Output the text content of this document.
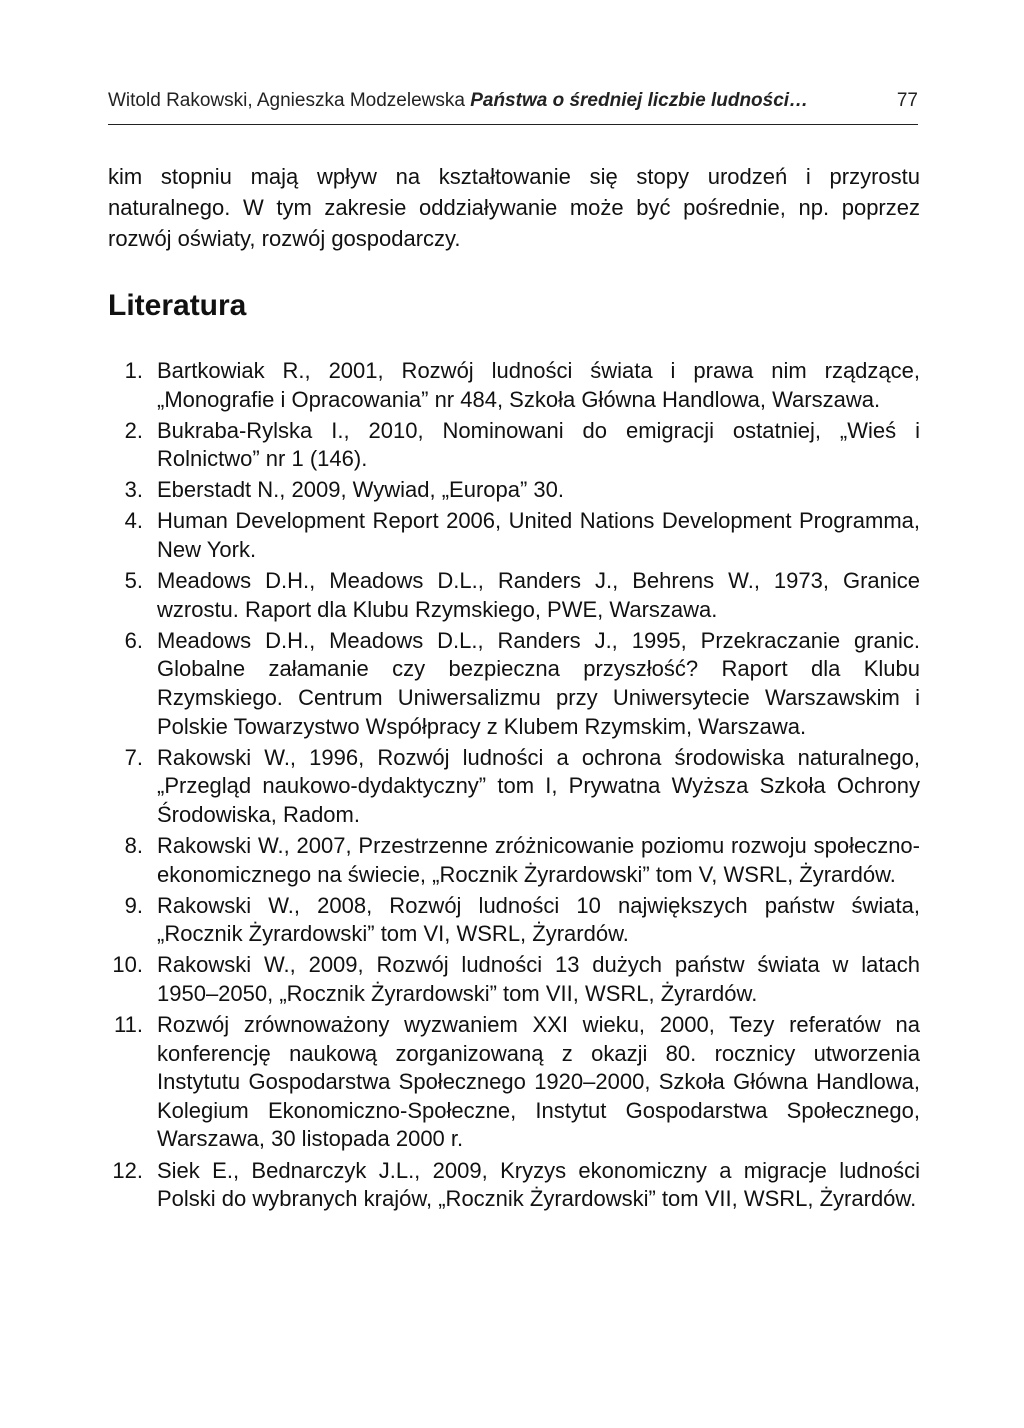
Witold Rakowski, Agnieszka Modzelewska Państwa o średniej liczbie ludności…	77

kim stopniu mają wpływ na kształtowanie się stopy urodzeń i przyrostu naturalnego. W tym zakresie oddziaływanie może być pośrednie, np. poprzez rozwój oświaty, rozwój gospodarczy.

Literatura
1. Bartkowiak R., 2001, Rozwój ludności świata i prawa nim rządzące, „Monografie i Opracowania” nr 484, Szkoła Główna Handlowa, Warszawa.
2. Bukraba-Rylska I., 2010, Nominowani do emigracji ostatniej, „Wieś i Rolnictwo” nr 1 (146).
3. Eberstadt N., 2009, Wywiad, „Europa” 30.
4. Human Development Report 2006, United Nations Development Programma, New York.
5. Meadows D.H., Meadows D.L., Randers J., Behrens W., 1973, Granice wzrostu. Raport dla Klubu Rzymskiego, PWE, Warszawa.
6. Meadows D.H., Meadows D.L., Randers J., 1995, Przekraczanie granic. Globalne załamanie czy bezpieczna przyszłość? Raport dla Klubu Rzymskiego. Centrum Uniwersalizmu przy Uniwersytecie Warszawskim i Polskie Towarzystwo Współpracy z Klubem Rzymskim, Warszawa.
7. Rakowski W., 1996, Rozwój ludności a ochrona środowiska naturalnego, „Przegląd naukowo-dydaktyczny” tom I, Prywatna Wyższa Szkoła Ochrony Środowiska, Radom.
8. Rakowski W., 2007, Przestrzenne zróżnicowanie poziomu rozwoju społeczno-ekonomicznego na świecie, „Rocznik Żyrardowski” tom V, WSRL, Żyrardów.
9. Rakowski W., 2008, Rozwój ludności 10 największych państw świata, „Rocznik Żyrardowski” tom VI, WSRL, Żyrardów.
10. Rakowski W., 2009, Rozwój ludności 13 dużych państw świata w latach 1950–2050, „Rocznik Żyrardowski” tom VII, WSRL, Żyrardów.
11. Rozwój zrównoważony wyzwaniem XXI wieku, 2000, Tezy referatów na konferencję naukową zorganizowaną z okazji 80. rocznicy utworzenia Instytutu Gospodarstwa Społecznego 1920–2000, Szkoła Główna Handlowa, Kolegium Ekonomiczno-Społeczne, Instytut Gospodarstwa Społecznego, Warszawa, 30 listopada 2000 r.
12. Siek E., Bednarczyk J.L., 2009, Kryzys ekonomiczny a migracje ludności Polski do wybranych krajów, „Rocznik Żyrardowski” tom VII, WSRL, Żyrardów.
